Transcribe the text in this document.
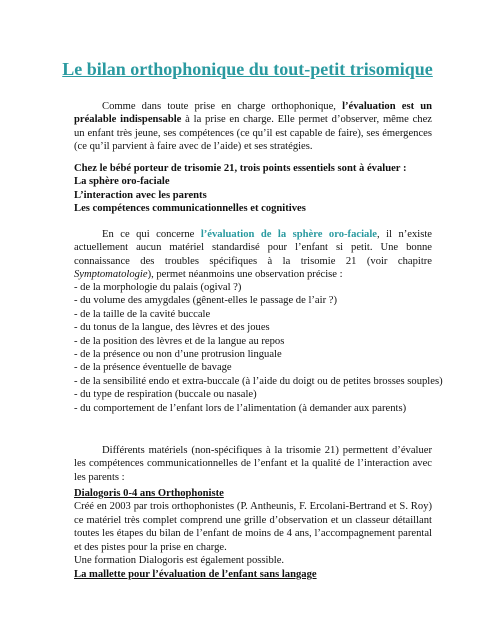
Le bilan orthophonique du tout-petit trisomique

Comme dans toute prise en charge orthophonique, l’évaluation est un préalable indispensable à la prise en charge. Elle permet d’observer, même chez un enfant très jeune, ses compétences (ce qu’il est capable de faire), ses émergences (ce qu’il parvient à faire avec de l’aide) et ses stratégies.

Chez le bébé porteur de trisomie 21, trois points essentiels sont à évaluer :
La sphère oro-faciale
L’interaction avec les parents
Les compétences communicationnelles et cognitives

En ce qui concerne l’évaluation de la sphère oro-faciale, il n’existe actuellement aucun matériel standardisé pour l’enfant si petit. Une bonne connaissance des troubles spécifiques à la trisomie 21 (voir chapitre Symptomatologie), permet néanmoins une observation précise :

- de la morphologie du palais (ogival ?)
- du volume des amygdales (gênent-elles le passage de l’air ?)
- de la taille de la cavité buccale
- du tonus de la langue, des lèvres et des joues
- de la position des lèvres et de la langue au repos
- de la présence ou non d’une protrusion linguale
- de la présence éventuelle de bavage
- de la sensibilité endo et extra-buccale (à l’aide du doigt ou de petites brosses souples)
- du type de respiration (buccale ou nasale)
- du comportement de l’enfant lors de l’alimentation (à demander aux parents)

Différents matériels (non-spécifiques à la trisomie 21) permettent d’évaluer les compétences communicationnelles de l’enfant et la qualité de l’interaction avec les parents :

Dialogoris 0-4 ans Orthophoniste

Créé en 2003 par trois orthophonistes (P. Antheunis, F. Ercolani-Bertrand et S. Roy) ce matériel très complet comprend une grille d’observation et un classeur détaillant toutes les étapes du bilan de l’enfant de moins de 4 ans, l’accompagnement parental et des pistes pour la prise en charge.

Une formation Dialogoris est également possible.

La mallette pour l’évaluation de l’enfant sans langage
